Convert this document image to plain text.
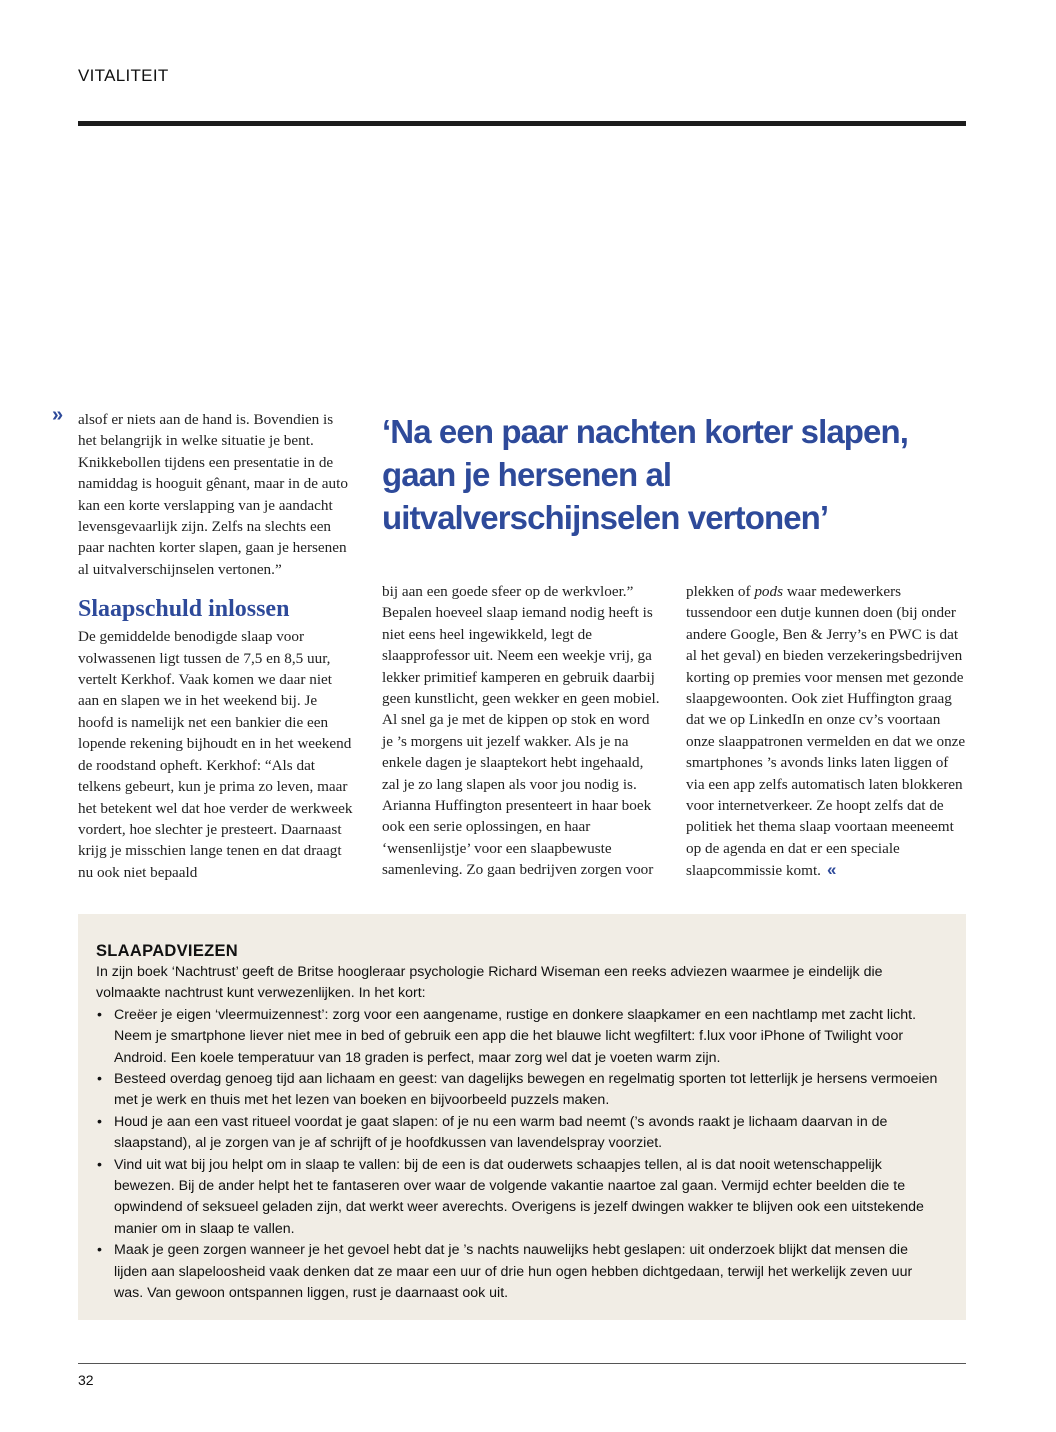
VITALITEIT
» alsof er niets aan de hand is. Bovendien is het belangrijk in welke situatie je bent. Knikkebollen tijdens een presentatie in de namiddag is hooguit gênant, maar in de auto kan een korte verslapping van je aandacht levensgevaarlijk zijn. Zelfs na slechts een paar nachten korter slapen, gaan je hersenen al uitvalverschijnselen vertonen.”

Slaapschuld inlossen

De gemiddelde benodigde slaap voor volwassenen ligt tussen de 7,5 en 8,5 uur, vertelt Kerkhof. Vaak komen we daar niet aan en slapen we in het weekend bij. Je hoofd is namelijk net een bankier die een lopende rekening bijhoudt en in het weekend de roodstand opheft. Kerkhof: “Als dat telkens gebeurt, kun je prima zo leven, maar het betekent wel dat hoe verder de werkweek vordert, hoe slechter je presteert. Daarnaast krijg je misschien lange tenen en dat draagt nu ook niet bepaald

‘Na een paar nachten korter slapen, gaan je hersenen al uitvalverschijnselen vertonen’

bij aan een goede sfeer op de werkvloer.” Bepalen hoeveel slaap iemand nodig heeft is niet eens heel ingewikkeld, legt de slaapprofessor uit. Neem een weekje vrij, ga lekker primitief kamperen en gebruik daarbij geen kunstlicht, geen wekker en geen mobiel. Al snel ga je met de kippen op stok en word je ’s morgens uit jezelf wakker. Als je na enkele dagen je slaaptekort hebt ingehaald, zal je zo lang slapen als voor jou nodig is.

Arianna Huffington presenteert in haar boek ook een serie oplossingen, en haar ‘wensenlijstje’ voor een slaapbewuste samenleving. Zo gaan bedrijven zorgen voor

plekken of pods waar medewerkers tussendoor een dutje kunnen doen (bij onder andere Google, Ben & Jerry’s en PWC is dat al het geval) en bieden verzekeringsbedrijven korting op premies voor mensen met gezonde slaapgewoonten. Ook ziet Huffington graag dat we op LinkedIn en onze cv’s voortaan onze slaappatronen vermelden en dat we onze smartphones ’s avonds links laten liggen of via een app zelfs automatisch laten blokkeren voor internetverkeer. Ze hoopt zelfs dat de politiek het thema slaap voortaan meeneemt op de agenda en dat er een speciale slaapcommissie komt. «

SLAAPADVIEZEN

In zijn boek ‘Nachtrust’ geeft de Britse hoogleraar psychologie Richard Wiseman een reeks adviezen waarmee je eindelijk die volmaakte nachtrust kunt verwezenlijken. In het kort:

• Creëer je eigen ‘vleermuizennest’: zorg voor een aangename, rustige en donkere slaapkamer en een nachtlamp met zacht licht. Neem je smartphone liever niet mee in bed of gebruik een app die het blauwe licht wegfiltert: f.lux voor iPhone of Twilight voor Android. Een koele temperatuur van 18 graden is perfect, maar zorg wel dat je voeten warm zijn.
• Besteed overdag genoeg tijd aan lichaam en geest: van dagelijks bewegen en regelmatig sporten tot letterlijk je hersens vermoeien met je werk en thuis met het lezen van boeken en bijvoorbeeld puzzels maken.
• Houd je aan een vast ritueel voordat je gaat slapen: of je nu een warm bad neemt (’s avonds raakt je lichaam daarvan in de slaapstand), al je zorgen van je af schrijft of je hoofdkussen van lavendelspray voorziet.
• Vind uit wat bij jou helpt om in slaap te vallen: bij de een is dat ouderwets schaapjes tellen, al is dat nooit wetenschappelijk bewezen. Bij de ander helpt het te fantaseren over waar de volgende vakantie naartoe zal gaan. Vermijd echter beelden die te opwindend of seksueel geladen zijn, dat werkt weer averechts. Overigens is jezelf dwingen wakker te blijven ook een uitstekende manier om in slaap te vallen.
• Maak je geen zorgen wanneer je het gevoel hebt dat je ’s nachts nauwelijks hebt geslapen: uit onderzoek blijkt dat mensen die lijden aan slapeloosheid vaak denken dat ze maar een uur of drie hun ogen hebben dichtgedaan, terwijl het werkelijk zeven uur was. Van gewoon ontspannen liggen, rust je daarnaast ook uit.
32
